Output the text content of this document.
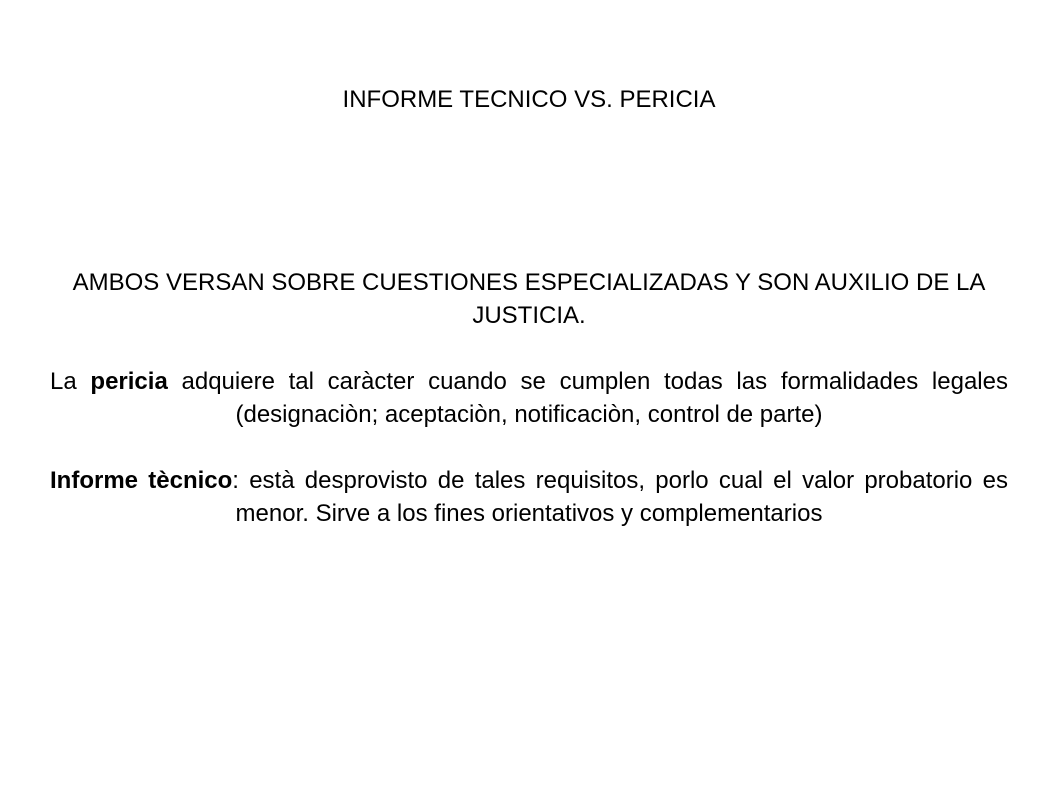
INFORME TECNICO VS. PERICIA

AMBOS VERSAN SOBRE CUESTIONES ESPECIALIZADAS Y SON AUXILIO DE LA JUSTICIA.

La pericia adquiere tal caràcter cuando se cumplen todas las formalidades legales (designaciòn; aceptaciòn, notificaciòn, control de parte)

Informe tècnico: està desprovisto de tales requisitos, porlo cual el valor probatorio es menor. Sirve a los fines orientativos y complementarios
